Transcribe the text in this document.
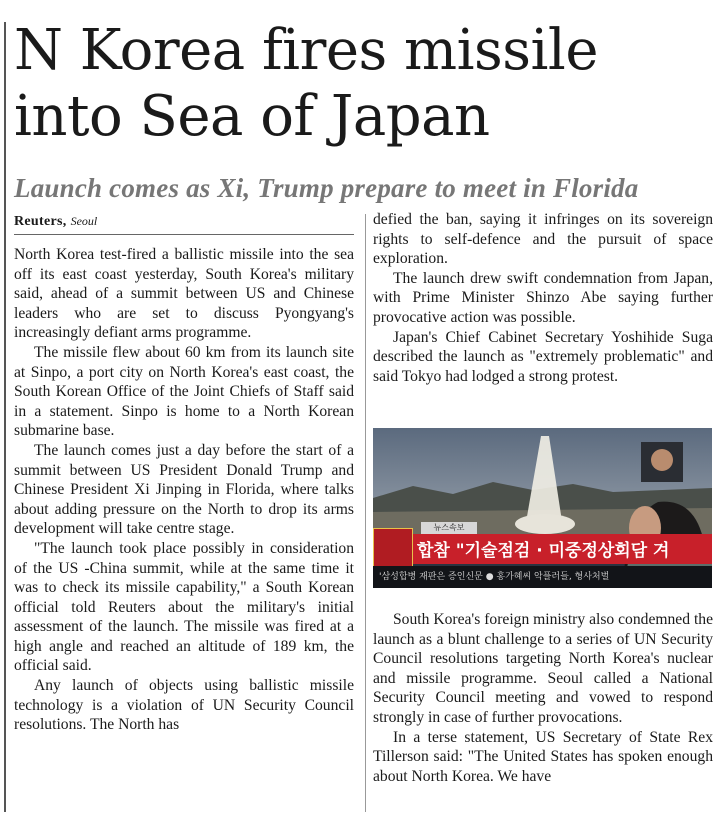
N Korea fires missile
into Sea of Japan
Launch comes as Xi, Trump prepare to meet in Florida
Reuters, Seoul

North Korea test-fired a ballistic missile into the sea off its east coast yesterday, South Korea's military said, ahead of a summit between US and Chinese leaders who are set to discuss Pyongyang's increasingly defiant arms programme.

The missile flew about 60 km from its launch site at Sinpo, a port city on North Korea's east coast, the South Korean Office of the Joint Chiefs of Staff said in a statement. Sinpo is home to a North Korean submarine base.

The launch comes just a day before the start of a summit between US President Donald Trump and Chinese President Xi Jinping in Florida, where talks about adding pressure on the North to drop its arms development will take centre stage.

"The launch took place possibly in consideration of the US -China summit, while at the same time it was to check its missile capability," a South Korean official told Reuters about the military's initial assessment of the launch. The missile was fired at a high angle and reached an altitude of 189 km, the official said.

Any launch of objects using ballistic missile technology is a violation of UN Security Council resolutions. The North has

defied the ban, saying it infringes on its sovereign rights to self-defence and the pursuit of space exploration.

The launch drew swift condemnation from Japan, with Prime Minister Shinzo Abe saying further provocative action was possible.

Japan's Chief Cabinet Secretary Yoshihide Suga described the launch as "extremely problematic" and said Tokyo had lodged a strong protest.

뉴스속보
합참 "기술점검 · 미중정상회담 겨
'삼성합병 재판은 증인신문 ● 홍가혜씨 악플러들, 형사처벌

South Korea's foreign ministry also condemned the launch as a blunt challenge to a series of UN Security Council resolutions targeting North Korea's nuclear and missile programme. Seoul called a National Security Council meeting and vowed to respond strongly in case of further provocations.

In a terse statement, US Secretary of State Rex Tillerson said: "The United States has spoken enough about North Korea. We have
